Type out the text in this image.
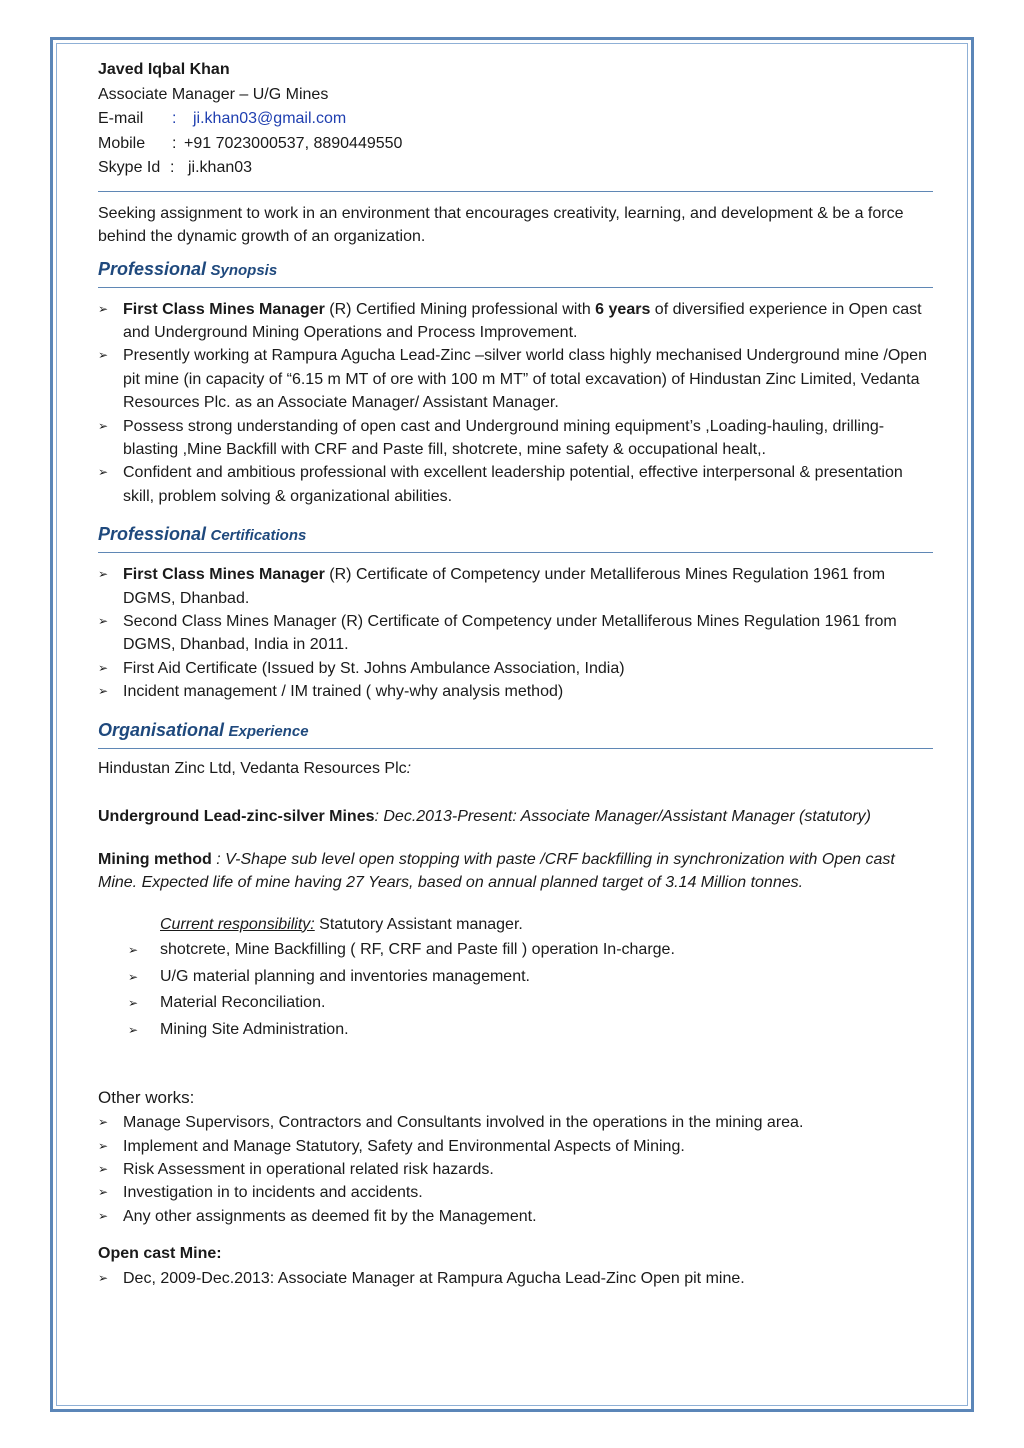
Javed Iqbal Khan
Associate Manager – U/G Mines
E-mail : ji.khan03@gmail.com
Mobile : +91 7023000537, 8890449550
Skype Id : ji.khan03
Seeking assignment to work in an environment that encourages creativity, learning, and development & be a force behind the dynamic growth of an organization.
Professional Synopsis
➢ First Class Mines Manager (R) Certified Mining professional with 6 years of diversified experience in Open cast and Underground Mining Operations and Process Improvement.
➢ Presently working at Rampura Agucha Lead-Zinc –silver world class highly mechanised Underground mine /Open pit mine (in capacity of “6.15 m MT of ore with 100 m MT” of total excavation) of Hindustan Zinc Limited, Vedanta Resources Plc. as an Associate Manager/ Assistant Manager.
➢ Possess strong understanding of open cast and Underground mining equipment’s ,Loading-hauling, drilling-blasting ,Mine Backfill with CRF and Paste fill, shotcrete, mine safety & occupational healt,.
➢ Confident and ambitious professional with excellent leadership potential, effective interpersonal & presentation skill, problem solving & organizational abilities.
Professional Certifications
➢ First Class Mines Manager (R) Certificate of Competency under Metalliferous Mines Regulation 1961 from DGMS, Dhanbad.
➢ Second Class Mines Manager (R) Certificate of Competency under Metalliferous Mines Regulation 1961 from DGMS, Dhanbad, India in 2011.
➢ First Aid Certificate (Issued by St. Johns Ambulance Association, India)
➢ Incident management / IM trained ( why-why analysis method)
Organisational Experience
Hindustan Zinc Ltd, Vedanta Resources Plc:
Underground Lead-zinc-silver Mines: Dec.2013-Present: Associate Manager/Assistant Manager (statutory)
Mining method : V-Shape sub level open stopping with paste /CRF backfilling in synchronization with Open cast Mine. Expected life of mine having 27 Years, based on annual planned target of 3.14 Million tonnes.
Current responsibility: Statutory Assistant manager.
➢ shotcrete, Mine Backfilling ( RF, CRF and Paste fill ) operation In-charge.
➢ U/G material planning and inventories management.
➢ Material Reconciliation.
➢ Mining Site Administration.
Other works:
➢ Manage Supervisors, Contractors and Consultants involved in the operations in the mining area.
➢ Implement and Manage Statutory, Safety and Environmental Aspects of Mining.
➢ Risk Assessment in operational related risk hazards.
➢ Investigation in to incidents and accidents.
➢ Any other assignments as deemed fit by the Management.
Open cast Mine:
➢ Dec, 2009-Dec.2013: Associate Manager at Rampura Agucha Lead-Zinc Open pit mine.
